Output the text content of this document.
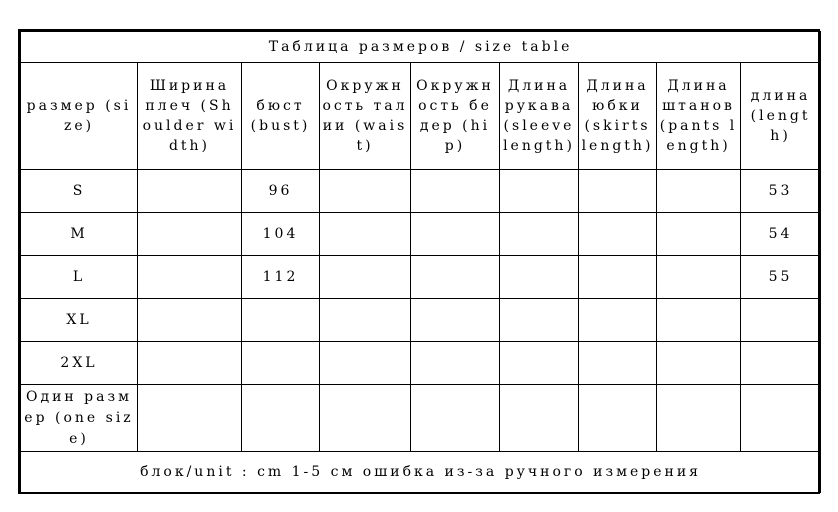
Таблица размеров / size table								
размер (size)	Ширина плеч (Shoulder width)	бюст (bust)	Окружность талии (waist)	Окружность бедер (hip)	Длина рукава (sleeve length)	Длина юбки (skirts length)	Длина штанов (pants length)	длина (length)
S		96						53
M		104						54
L		112						55
XL								
2XL								
Один размер (one size)								
блок/unit : cm 1-5 см ошибка из-за ручного измерения								
